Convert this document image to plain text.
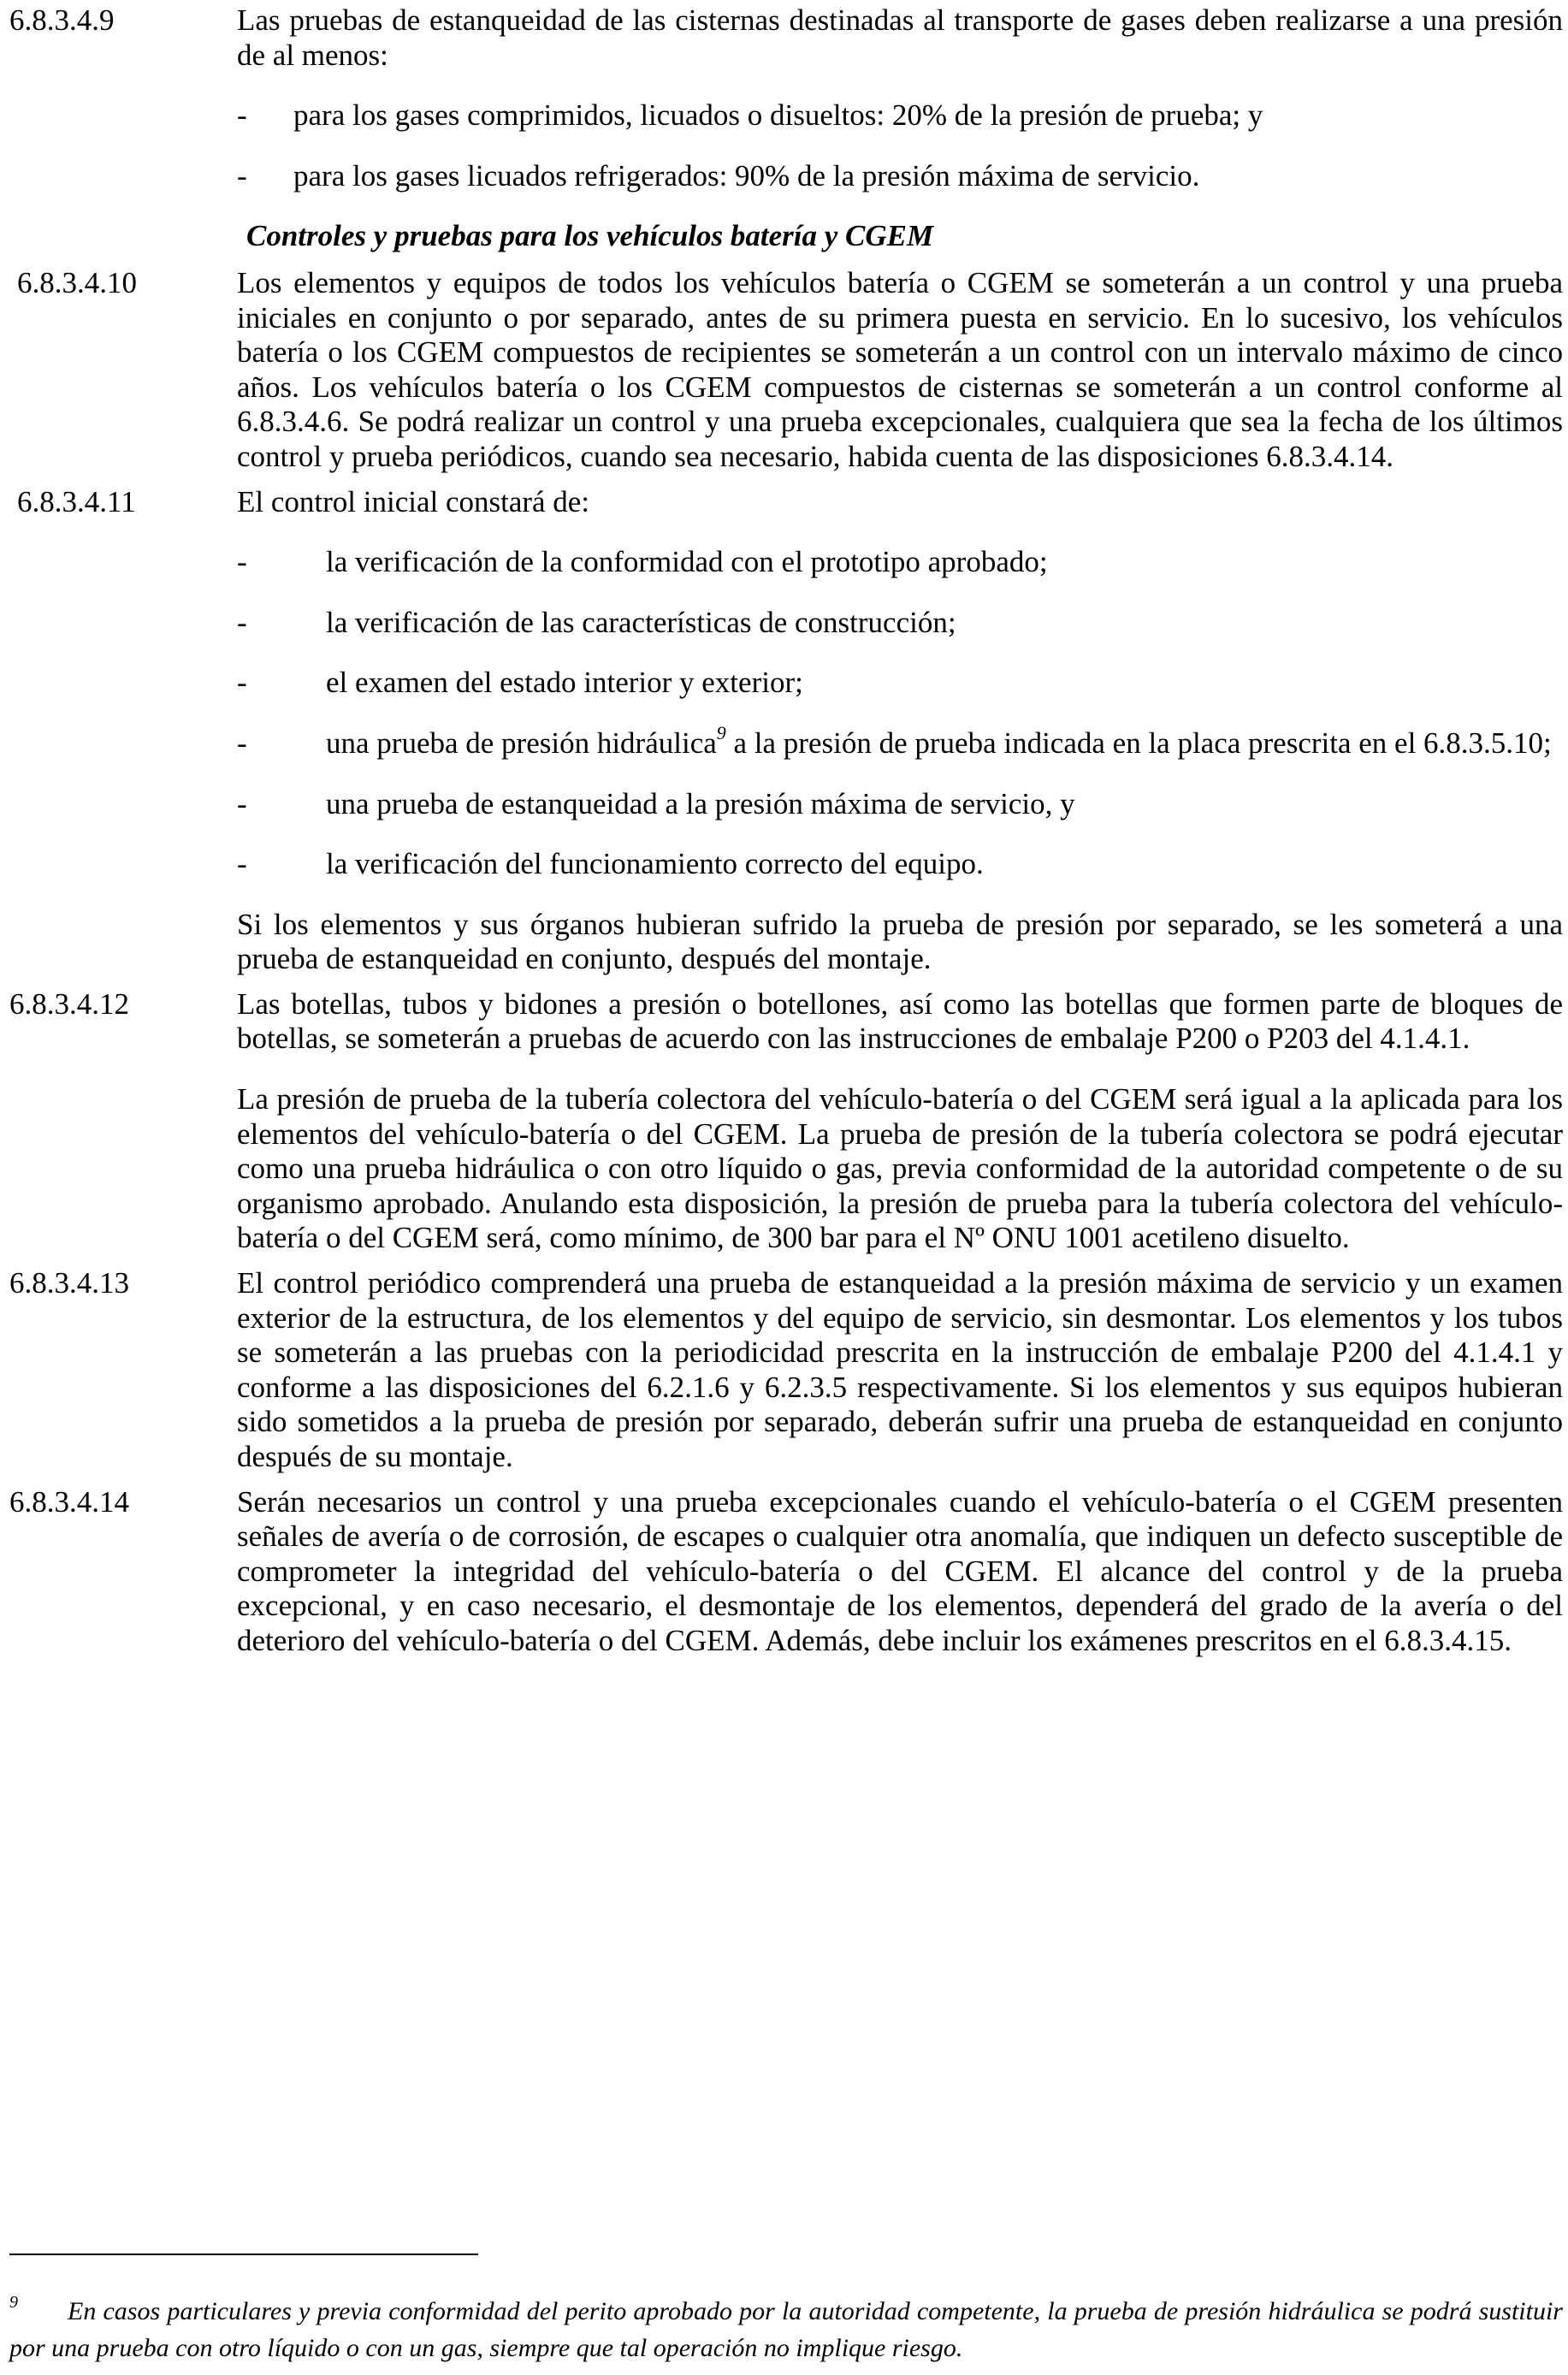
6.8.3.4.9	Las pruebas de estanqueidad de las cisternas destinadas al transporte de gases deben realizarse a una presión de al menos:

-	para los gases comprimidos, licuados o disueltos: 20% de la presión de prueba; y
-	para los gases licuados refrigerados: 90% de la presión máxima de servicio.
Controles y pruebas para los vehículos batería y CGEM
6.8.3.4.10	Los elementos y equipos de todos los vehículos batería o CGEM se someterán a un control y una prueba iniciales en conjunto o por separado, antes de su primera puesta en servicio. En lo sucesivo, los vehículos batería o los CGEM compuestos de recipientes se someterán a un control con un intervalo máximo de cinco años. Los vehículos batería o los CGEM compuestos de cisternas se someterán a un control conforme al 6.8.3.4.6. Se podrá realizar un control y una prueba excepcionales, cualquiera que sea la fecha de los últimos control y prueba periódicos, cuando sea necesario, habida cuenta de las disposiciones 6.8.3.4.14.

6.8.3.4.11	El control inicial constará de:

-	la verificación de la conformidad con el prototipo aprobado;
-	la verificación de las características de construcción;
-	el examen del estado interior y exterior;
-	una prueba de presión hidráulica$^9$ a la presión de prueba indicada en la placa prescrita en el 6.8.3.5.10;
-	una prueba de estanqueidad a la presión máxima de servicio, y
-	la verificación del funcionamiento correcto del equipo.

Si los elementos y sus órganos hubieran sufrido la prueba de presión por separado, se les someterá a una prueba de estanqueidad en conjunto, después del montaje.

6.8.3.4.12	Las botellas, tubos y bidones a presión o botellones, así como las botellas que formen parte de bloques de botellas, se someterán a pruebas de acuerdo con las instrucciones de embalaje P200 o P203 del 4.1.4.1.

La presión de prueba de la tubería colectora del vehículo-batería o del CGEM será igual a la aplicada para los elementos del vehículo-batería o del CGEM. La prueba de presión de la tubería colectora se podrá ejecutar como una prueba hidráulica o con otro líquido o gas, previa conformidad de la autoridad competente o de su organismo aprobado. Anulando esta disposición, la presión de prueba para la tubería colectora del vehículo-batería o del CGEM será, como mínimo, de 300 bar para el Nº ONU 1001 acetileno disuelto.

6.8.3.4.13	El control periódico comprenderá una prueba de estanqueidad a la presión máxima de servicio y un examen exterior de la estructura, de los elementos y del equipo de servicio, sin desmontar. Los elementos y los tubos se someterán a las pruebas con la periodicidad prescrita en la instrucción de embalaje P200 del 4.1.4.1 y conforme a las disposiciones del 6.2.1.6 y 6.2.3.5 respectivamente. Si los elementos y sus equipos hubieran sido sometidos a la prueba de presión por separado, deberán sufrir una prueba de estanqueidad en conjunto después de su montaje.

6.8.3.4.14	Serán necesarios un control y una prueba excepcionales cuando el vehículo-batería o el CGEM presenten señales de avería o de corrosión, de escapes o cualquier otra anomalía, que indiquen un defecto susceptible de comprometer la integridad del vehículo-batería o del CGEM. El alcance del control y de la prueba excepcional, y en caso necesario, el desmontaje de los elementos, dependerá del grado de la avería o del deterioro del vehículo-batería o del CGEM. Además, debe incluir los exámenes prescritos en el 6.8.3.4.15.

$^9$ En casos particulares y previa conformidad del perito aprobado por la autoridad competente, la prueba de presión hidráulica se podrá sustituir por una prueba con otro líquido o con un gas, siempre que tal operación no implique riesgo.
